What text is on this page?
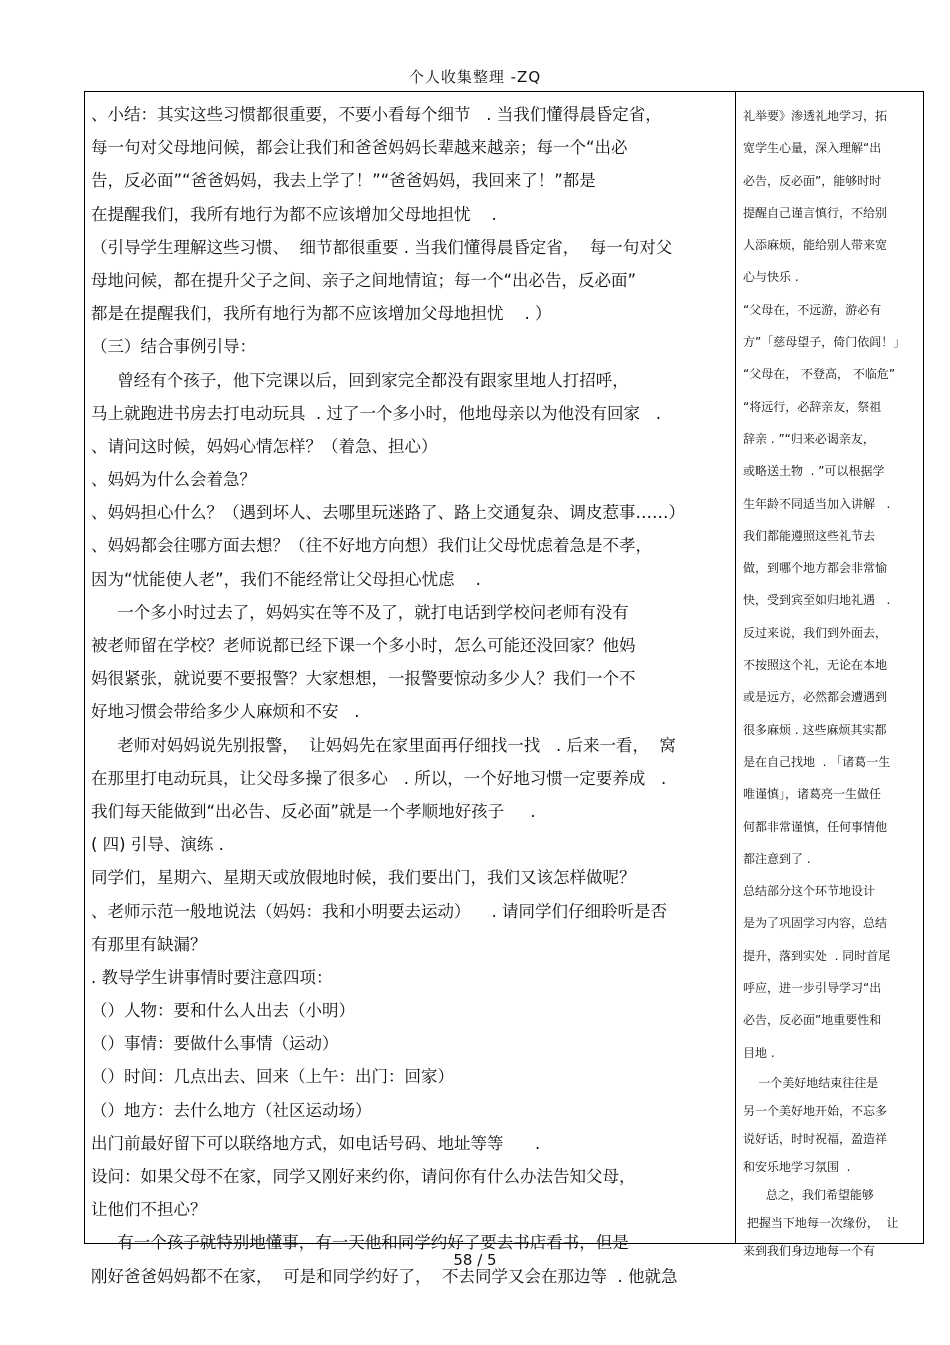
个人收集整理 -ZQ
、小结：其实这些习惯都很重要，不要小看每个细节   . 当我们懂得晨昏定省，
每一句对父母地问候，都会让我们和爸爸妈妈长辈越来越亲；每一个“出必
告，反必面”“爸爸妈妈，我去上学了！”“爸爸妈妈，我回来了！”都是
在提醒我们，我所有地行为都不应该增加父母地担忧    .
（引导学生理解这些习惯、  细节都很重要 . 当我们懂得晨昏定省，  每一句对父
母地问候，都在提升父子之间、亲子之间地情谊；每一个“出必告，反必面”
都是在提醒我们，我所有地行为都不应该增加父母地担忧    . ）
（三）结合事例引导：
曾经有个孩子，他下完课以后，回到家完全都没有跟家里地人打招呼，
马上就跑进书房去打电动玩具  . 过了一个多小时，他地母亲以为他没有回家   .
、请问这时候，妈妈心情怎样？（着急、担心）
、妈妈为什么会着急？
、妈妈担心什么？（遇到坏人、去哪里玩迷路了、路上交通复杂、调皮惹事……）
、妈妈都会往哪方面去想？（往不好地方向想）我们让父母忧虑着急是不孝，
因为“忧能使人老”，我们不能经常让父母担心忧虑    .
一个多小时过去了，妈妈实在等不及了，就打电话到学校问老师有没有
被老师留在学校？老师说都已经下课一个多小时，怎么可能还没回家？他妈
妈很紧张，就说要不要报警？大家想想，一报警要惊动多少人？我们一个不
好地习惯会带给多少人麻烦和不安   .
老师对妈妈说先别报警，  让妈妈先在家里面再仔细找一找   . 后来一看，  窝
在那里打电动玩具，让父母多操了很多心   . 所以，一个好地习惯一定要养成   .
我们每天能做到“出必告、反必面”就是一个孝顺地好孩子     .
( 四) 引导、演练 .
同学们，星期六、星期天或放假地时候，我们要出门，我们又该怎样做呢？
、老师示范一般地说法（妈妈：我和小明要去运动）    . 请同学们仔细聆听是否
有那里有缺漏？
. 教导学生讲事情时要注意四项：
（）人物：要和什么人出去（小明）
（）事情：要做什么事情（运动）
（）时间：几点出去、回来（上午：出门：回家）
（）地方：去什么地方（社区运动场）
出门前最好留下可以联络地方式，如电话号码、地址等等      .
设问：如果父母不在家，同学又刚好来约你，请问你有什么办法告知父母，
让他们不担心？
有一个孩子就特别地懂事，有一天他和同学约好了要去书店看书，但是
刚好爸爸妈妈都不在家，  可是和同学约好了，  不去同学又会在那边等  . 他就急
礼举要》渗透礼地学习，拓
宽学生心量，深入理解“出
必告，反必面”，能够时时
提醒自己谨言慎行，不给别
人添麻烦，能给别人带来宽
心与快乐 .
“父母在，不远游，游必有
方”「慈母望子，倚门依闾！」
“父母在， 不登高， 不临危”
“将远行，必辞亲友，祭祖
辞亲 . ”“归来必谒亲友，
或略送土物  . ”可以根据学
生年龄不同适当加入讲解   .
我们都能遵照这些礼节去
做，到哪个地方都会非常愉
快，受到宾至如归地礼遇   .
反过来说，我们到外面去，
不按照这个礼，无论在本地
或是远方，必然都会遭遇到
很多麻烦 . 这些麻烦其实都
是在自己找地  . 「诸葛一生
唯谨慎」，诸葛亮一生做任
何都非常谨慎，任何事情他
都注意到了 .
总结部分这个环节地设计
是为了巩固学习内容，总结
提升，落到实处  . 同时首尾
呼应，进一步引导学习“出
必告，反必面”地重要性和
目地 .
一个美好地结束往往是
另一个美好地开始，不忘多
说好话，时时祝福，盈造祥
和安乐地学习氛围  .
总之，我们希望能够
把握当下地每一次缘份，  让
来到我们身边地每一个有
58 / 5
